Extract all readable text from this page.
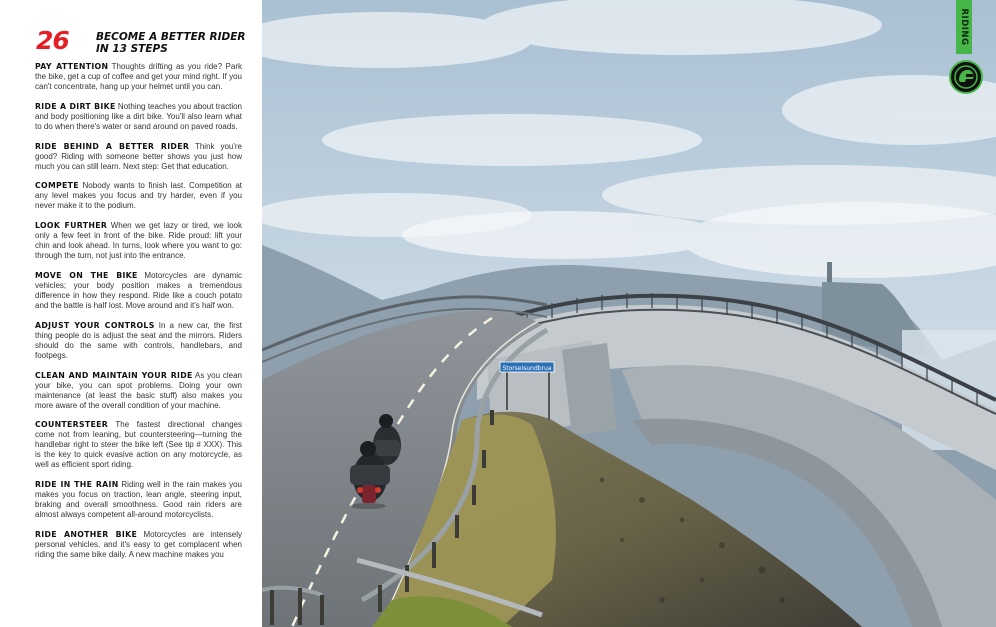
26	BECOME A BETTER RIDER IN 13 STEPS

PAY ATTENTION Thoughts drifting as you ride? Park the bike, get a cup of coffee and get your mind right. If you can't concentrate, hang up your helmet until you can.

RIDE A DIRT BIKE Nothing teaches you about traction and body positioning like a dirt bike. You'll also learn what to do when there's water or sand around on paved roads.

RIDE BEHIND A BETTER RIDER Think you're good? Riding with someone better shows you just how much you can still learn. Next step: Get that education.

COMPETE Nobody wants to finish last. Competition at any level makes you focus and try harder, even if you never make it to the podium.

LOOK FURTHER When we get lazy or tired, we look only a few feet in front of the bike. Ride proud: lift your chin and look ahead. In turns, look where you want to go: through the turn, not just into the entrance.

MOVE ON THE BIKE Motorcycles are dynamic vehicles; your body position makes a tremendous difference in how they respond. Ride like a couch potato and the battle is half lost. Move around and it's half won.

ADJUST YOUR CONTROLS In a new car, the first thing people do is adjust the seat and the mirrors. Riders should do the same with controls, handlebars, and footpegs.

CLEAN AND MAINTAIN YOUR RIDE As you clean your bike, you can spot problems. Doing your own maintenance (at least the basic stuff) also makes you more aware of the overall condition of your machine.

COUNTERSTEER The fastest directional changes come not from leaning, but countersteering—turning the handlebar right to steer the bike left (See tip # XXX). This is the key to quick evasive action on any motorcycle, as well as efficient sport riding.

RIDE IN THE RAIN Riding well in the rain makes you makes you focus on traction, lean angle, steering input, braking and overall smoothness. Good rain riders are almost always competent all-around motorcyclists.

RIDE ANOTHER BIKE Motorcycles are intensely personal vehicles, and it's easy to get complacent when riding the same bike daily. A new machine makes you

Storseisundbrua
RIDING
